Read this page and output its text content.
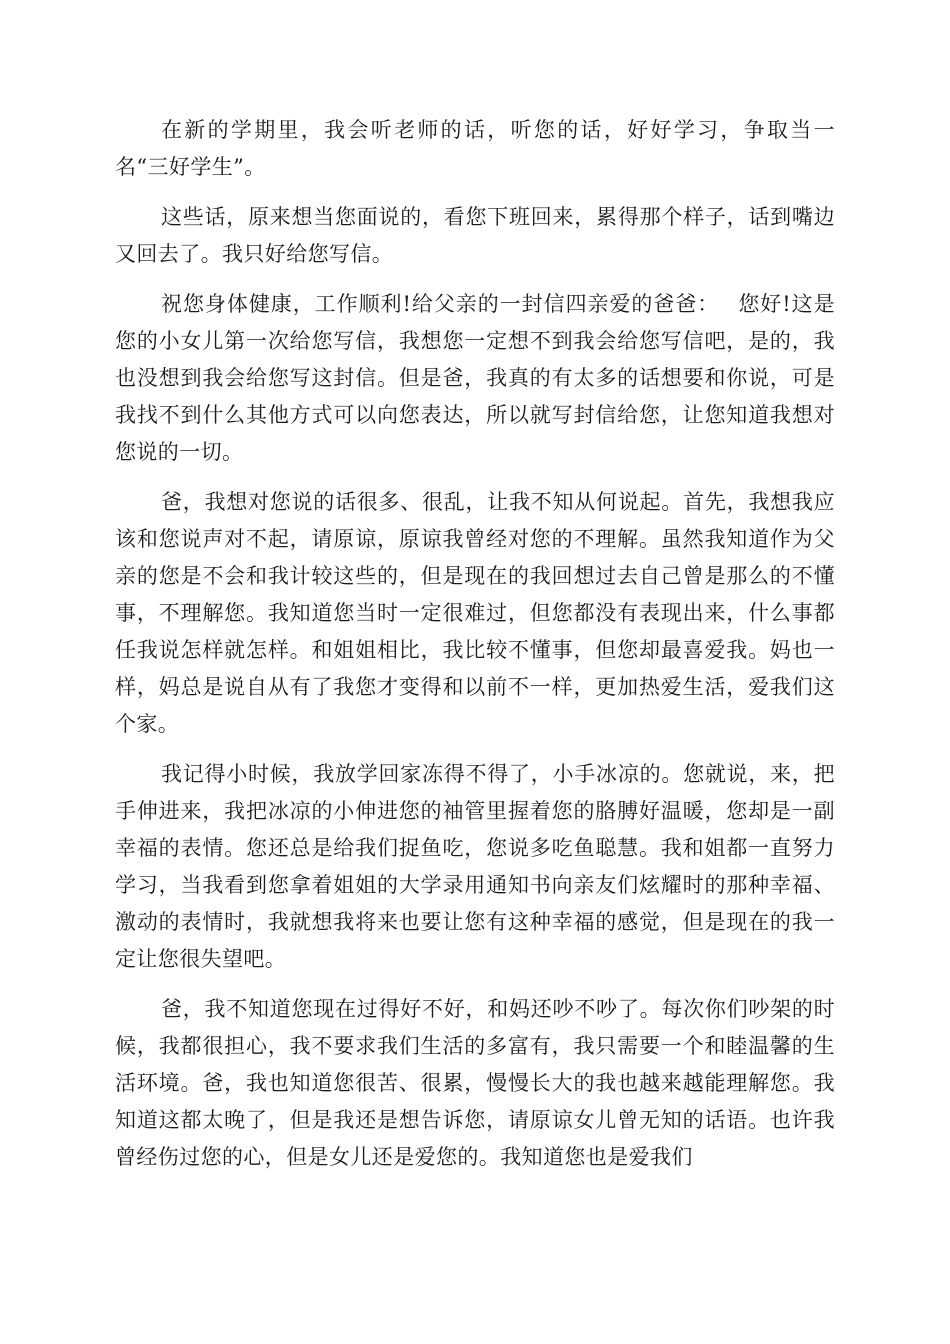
在新的学期里，我会听老师的话，听您的话，好好学习，争取当一名“三好学生”。

这些话，原来想当您面说的，看您下班回来，累得那个样子，话到嘴边又回去了。我只好给您写信。

祝您身体健康，工作顺利!给父亲的一封信四亲爱的爸爸：　 您好!这是您的小女儿第一次给您写信，我想您一定想不到我会给您写信吧，是的，我也没想到我会给您写这封信。但是爸，我真的有太多的话想要和你说，可是我找不到什么其他方式可以向您表达，所以就写封信给您，让您知道我想对您说的一切。

爸，我想对您说的话很多、很乱，让我不知从何说起。首先，我想我应该和您说声对不起，请原谅，原谅我曾经对您的不理解。虽然我知道作为父亲的您是不会和我计较这些的，但是现在的我回想过去自己曾是那么的不懂事，不理解您。我知道您当时一定很难过，但您都没有表现出来，什么事都任我说怎样就怎样。和姐姐相比，我比较不懂事，但您却最喜爱我。妈也一样，妈总是说自从有了我您才变得和以前不一样，更加热爱生活，爱我们这个家。

我记得小时候，我放学回家冻得不得了，小手冰凉的。您就说，来，把手伸进来，我把冰凉的小伸进您的袖管里握着您的胳膊好温暖，您却是一副幸福的表情。您还总是给我们捉鱼吃，您说多吃鱼聪慧。我和姐都一直努力学习，当我看到您拿着姐姐的大学录用通知书向亲友们炫耀时的那种幸福、激动的表情时，我就想我将来也要让您有这种幸福的感觉，但是现在的我一定让您很失望吧。

爸，我不知道您现在过得好不好，和妈还吵不吵了。每次你们吵架的时候，我都很担心，我不要求我们生活的多富有，我只需要一个和睦温馨的生活环境。爸，我也知道您很苦、很累，慢慢长大的我也越来越能理解您。我知道这都太晚了，但是我还是想告诉您，请原谅女儿曾无知的话语。也许我曾经伤过您的心，但是女儿还是爱您的。我知道您也是爱我们
